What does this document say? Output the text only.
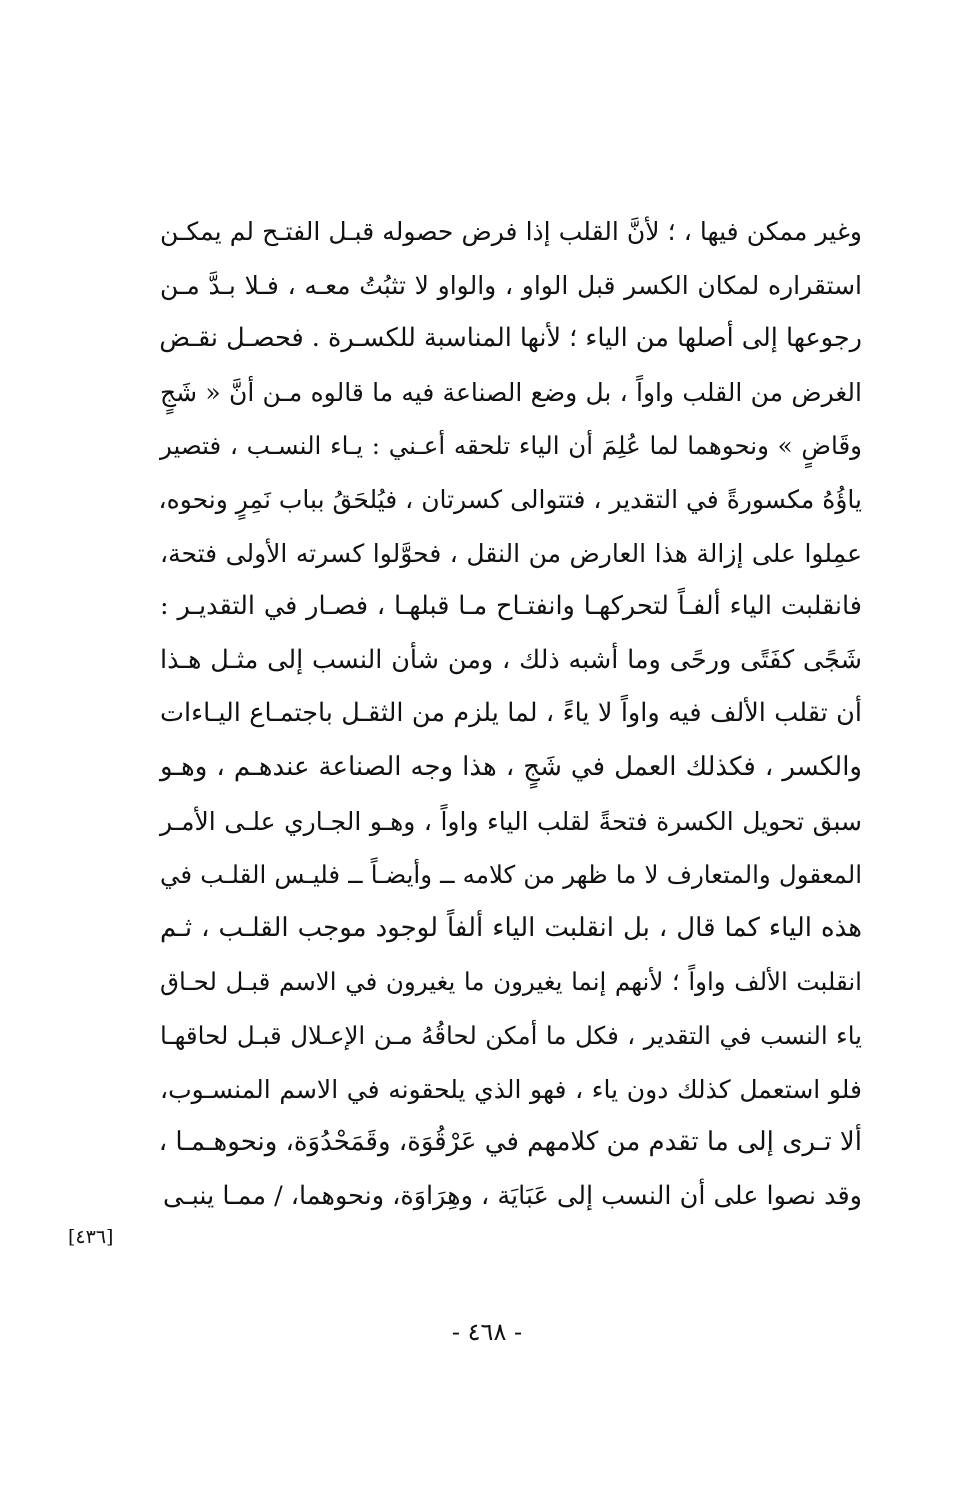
وغير ممكن فيها ، ؛ لأنَّ القلب إذا فرض حصوله قبـل الفتـح لم يمكـن
استقراره لمكان الكسر قبل الواو ، والواو لا تثبُتُ معـه ، فـلا بـدَّ مـن
رجوعها إلى أصلها من الياء ؛ لأنها المناسبة للكسـرة . فحصـل نقـض
الغرض من القلب واواً ، بل وضع الصناعة فيه ما قالوه مـن أنَّ « شَجٍ
وقَاضٍ » ونحوهما لما عُلِمَ أن الياء تلحقه أعـني : يـاء النسـب ، فتصير
ياؤُهُ مكسورةً في التقدير ، فتتوالى كسرتان ، فيُلحَقُ بباب نَمِرٍ ونحوه،
عمِلوا على إزالة هذا العارض من النقل ، فحوَّلوا كسرته الأولى فتحة،
فانقلبت الياء ألفـاً لتحركهـا وانفتـاح مـا قبلهـا ، فصـار في التقديـر :
شَجًى كفَتًى ورحًى وما أشبه ذلك ، ومن شأن النسب إلى مثـل هـذا
أن تقلب الألف فيه واواً لا ياءً ، لما يلزم من الثقـل باجتمـاع اليـاءات
والكسر ، فكذلك العمل في شَجٍ ، هذا وجه الصناعة عندهـم ، وهـو
سبق تحويل الكسرة فتحةً لقلب الياء واواً ، وهـو الجـاري علـى الأمـر
المعقول والمتعارف لا ما ظهر من كلامه ــ وأيضـاً ــ فليـس القلـب في
هذه الياء كما قال ، بل انقلبت الياء ألفاً لوجود موجب القلـب ، ثـم
انقلبت الألف واواً ؛ لأنهم إنما يغيرون ما يغيرون في الاسم قبـل لحـاق
ياء النسب في التقدير ، فكل ما أمكن لحاقُهُ مـن الإعـلال قبـل لحاقهـا
فلو استعمل كذلك دون ياء ، فهو الذي يلحقونه في الاسم المنسـوب،
ألا تـرى إلى ما تقدم من كلامهم في عَرْقُوَة، وقَمَحْدُوَة، ونحوهـمـا ،
وقد نصوا على أن النسب إلى عَبَايَة ، وهِرَاوَة، ونحوهما، / ممـا ينبـى
[٤٣٦]
- ٤٦٨ -
